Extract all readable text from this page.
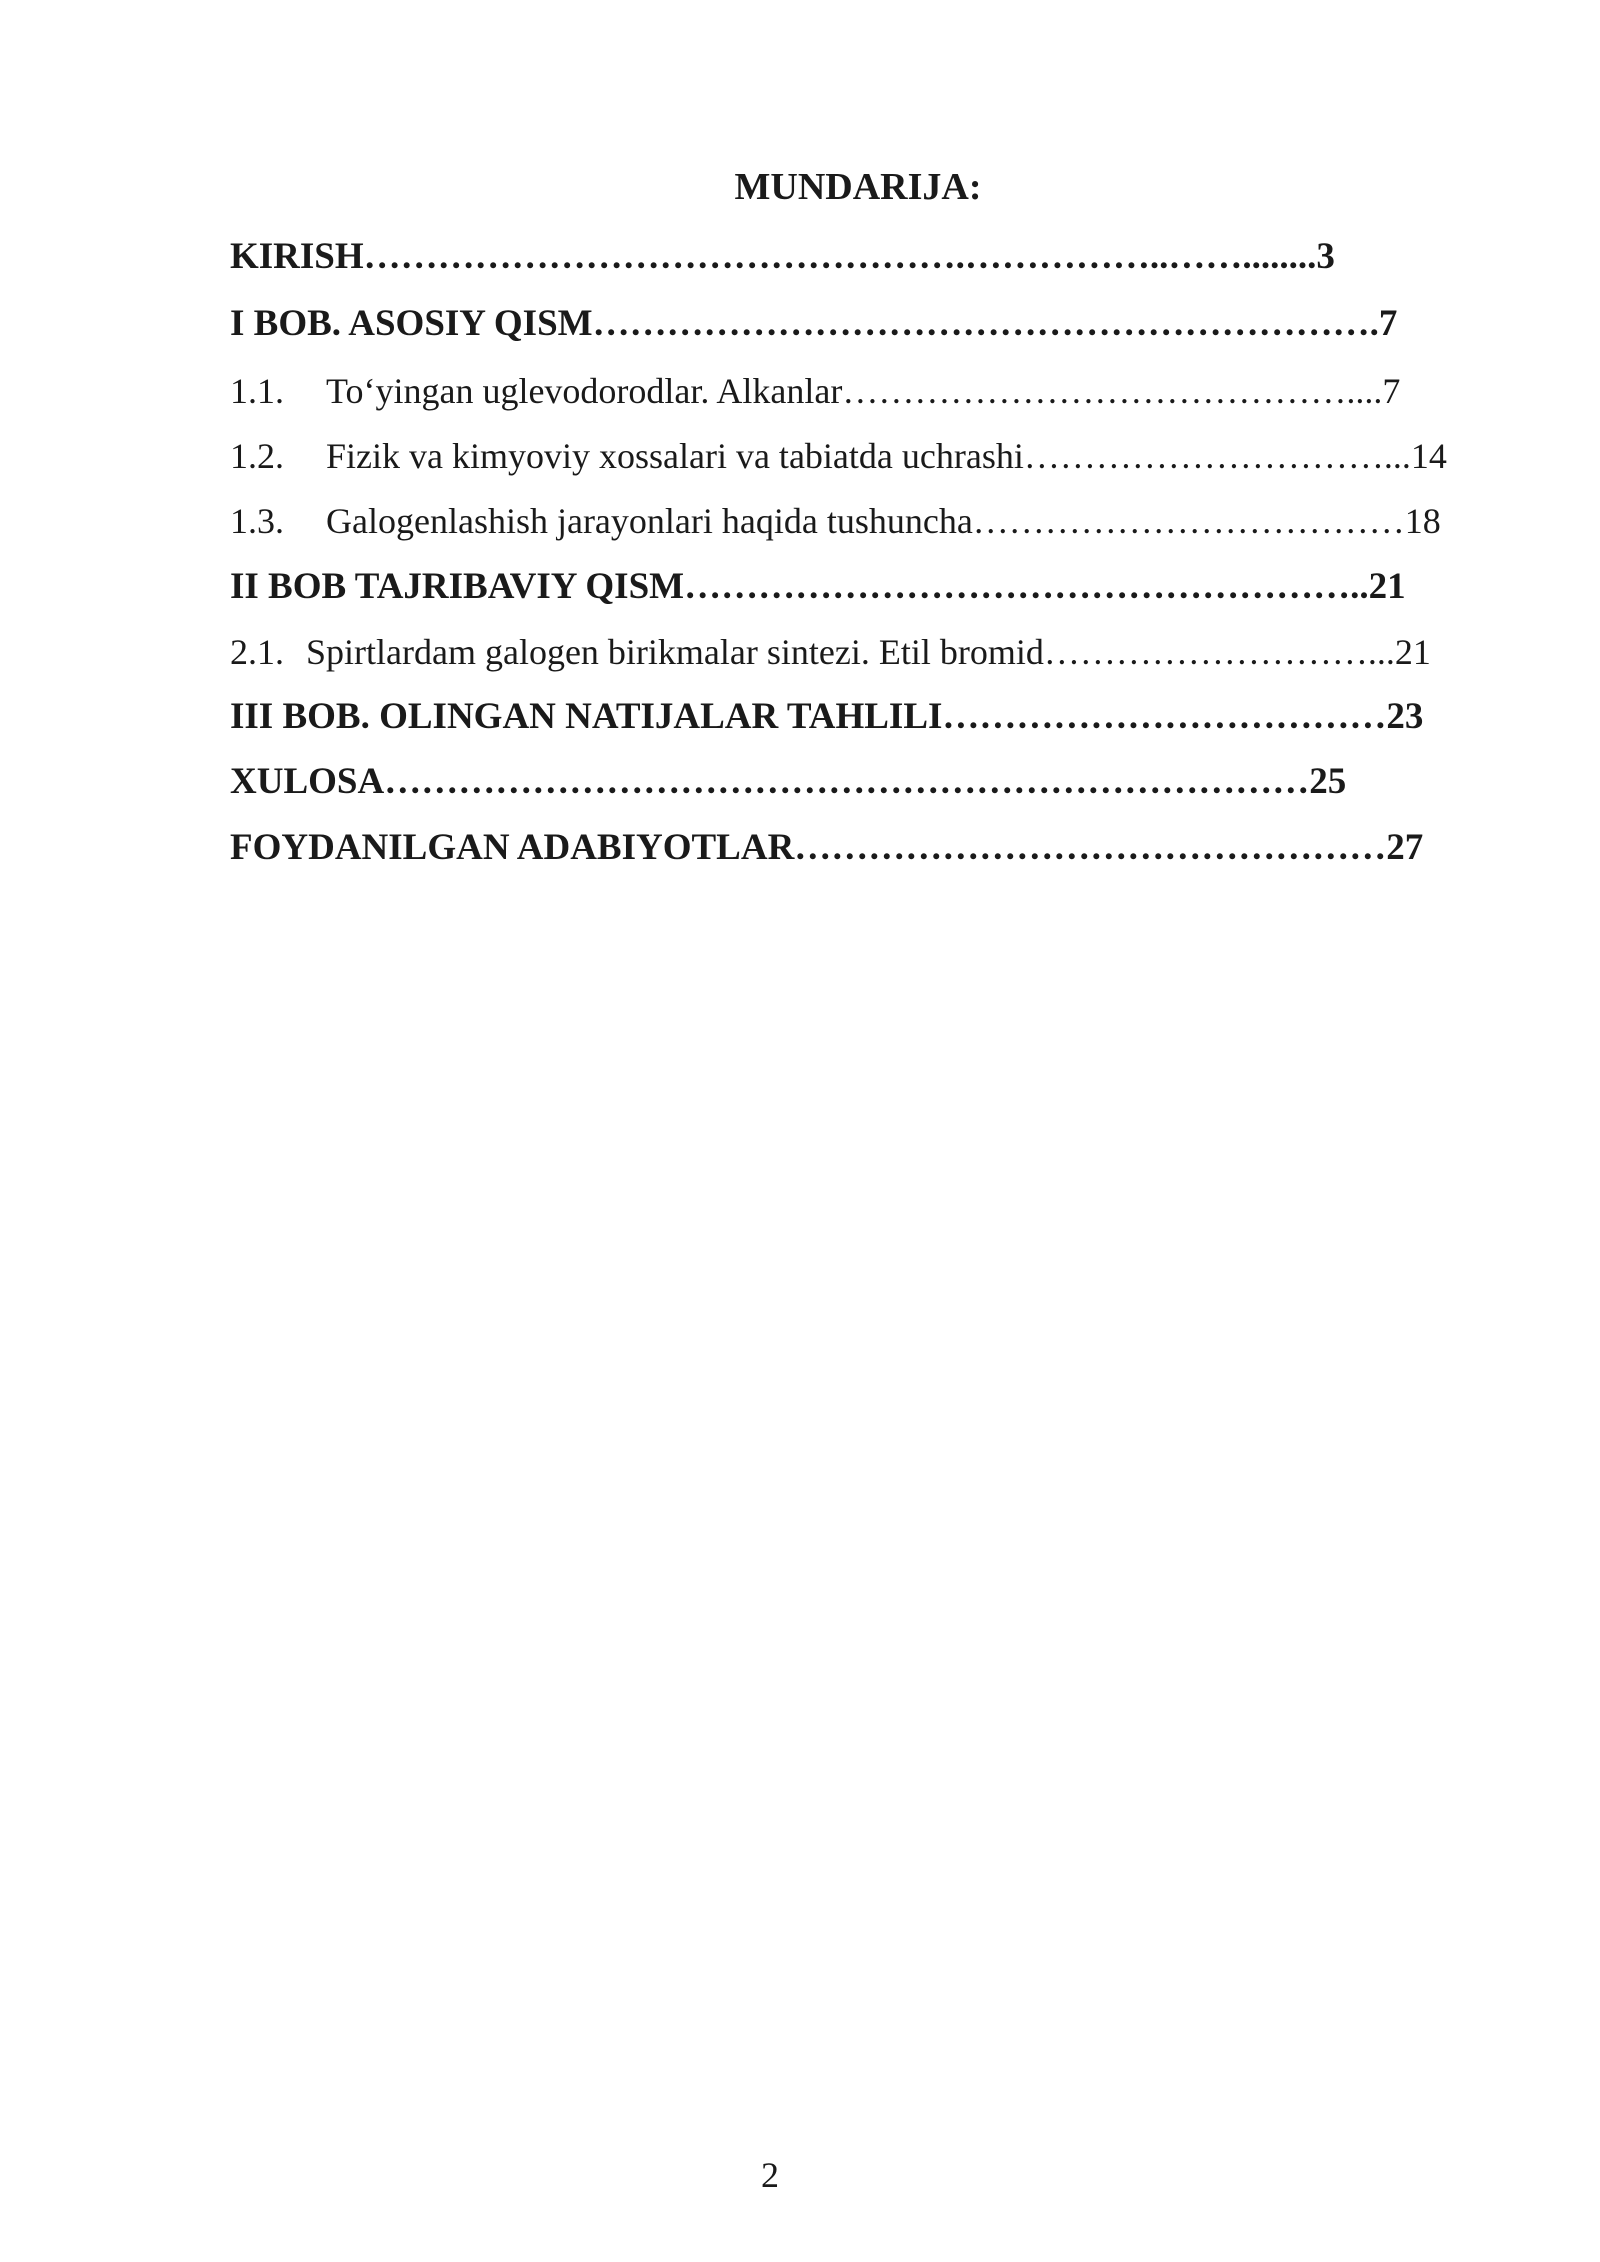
MUNDARIJA:
KIRISH………………………………………….……………..……........3
I BOB. ASOSIY QISM……………………………………………………….7
1.1. To‘yingan uglevodorodlar. Alkanlar……………………………………....7
1.2. Fizik va kimyoviy xossalari va tabiatda uchrashi…………………………...14
1.3. Galogenlashish jarayonlari haqida tushuncha………………………………18
II BOB TAJRIBAVIY QISM………………………………………………..21
2.1. Spirtlardam galogen birikmalar sintezi. Etil bromid………………………...21
III BOB. OLINGAN NATIJALAR TAHLILI………………………………23
XULOSA…………………………………………………………………25
FOYDANILGAN ADABIYOTLAR…………………………………………27
2
